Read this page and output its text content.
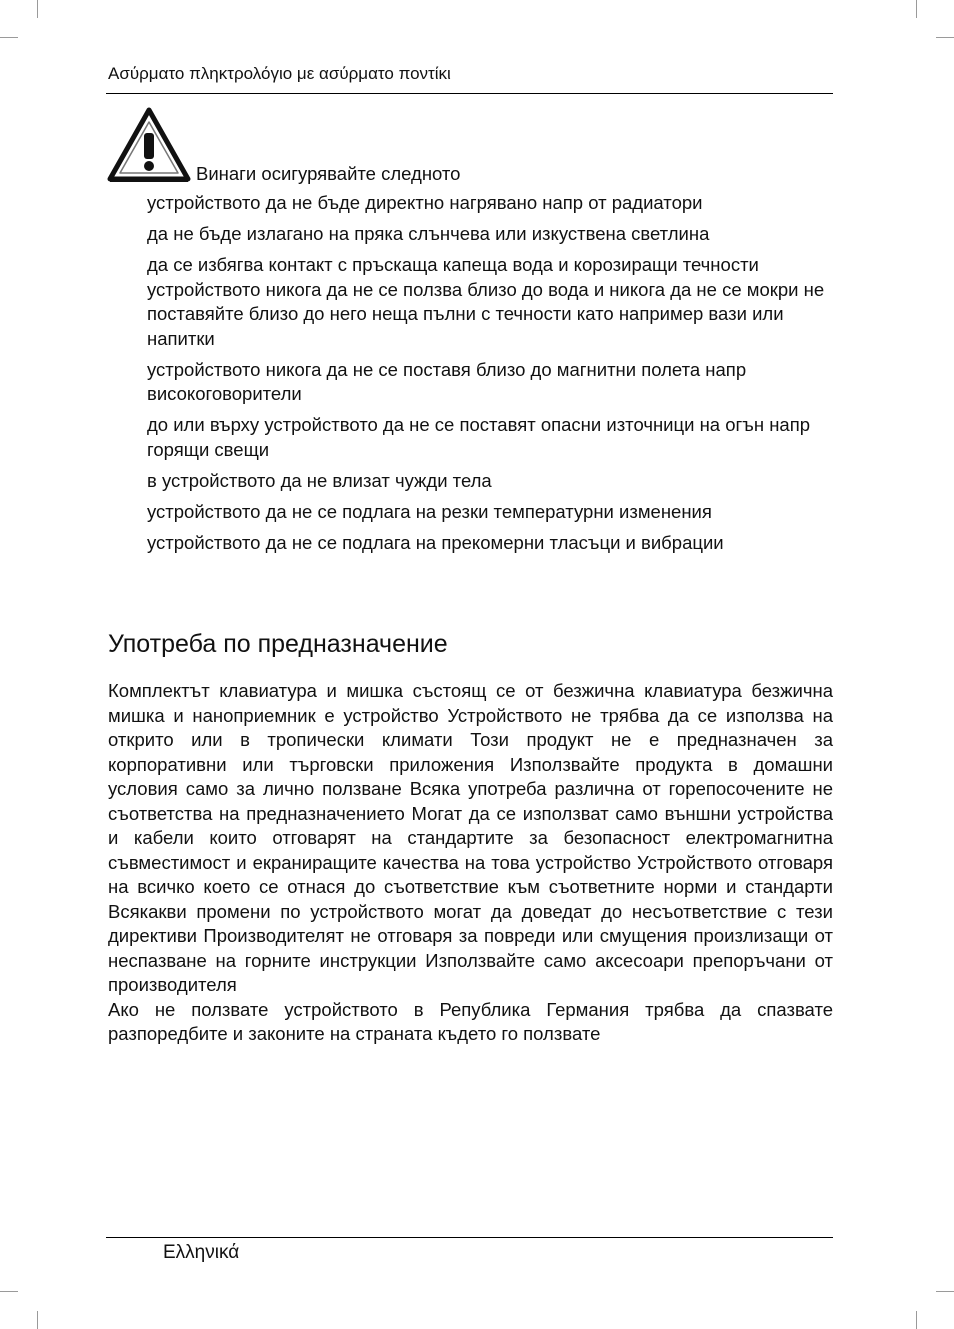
Ασύρματο πληκτρολόγιο με ασύρματο ποντίκι
Винаги осигурявайте следното
устройството да не бъде директно нагрявано напр от радиатори
да не бъде излагано на пряка слънчева или изкуствена светлина
да се избягва контакт с пръскаща капеща вода и корозиращи течности устройството никога да не се ползва близо до вода и никога да не се мокри не поставяйте близо до него неща пълни с течности като например вази или напитки
устройството никога да не се поставя близо до магнитни полета напр високоговорители
до или върху устройството да не се поставят опасни източници на огън напр горящи свещи
в устройството да не влизат чужди тела
устройството да не се подлага на резки температурни изменения
устройството да не се подлага на прекомерни тласъци и вибрации
Употреба по предназначение

Комплектът клавиатура и мишка състоящ се от безжична клавиатура безжична мишка и наноприемник е устройство Устройството не трябва да се използва на открито или в тропически климати Този продукт не е предназначен за корпоративни или търговски приложения Използвайте продукта в домашни условия само за лично ползване Всяка употреба различна от горепосочените не съответства на предназначението Могат да се използват само външни устройства и кабели които отговарят на стандартите за безопасност електромагнитна съвместимост и екраниращите качества на това устройство Устройството отговаря на всичко което се отнася до съответствие към съответните норми и стандарти Всякакви промени по устройството могат да доведат до несъответствие с тези директиви Производителят не отговаря за повреди или смущения произлизащи от неспазване на горните инструкции Използвайте само аксесоари препоръчани от производителя

Ако не ползвате устройството в Република Германия трябва да спазвате разпоредбите и законите на страната където го ползвате

Ελληνικά
